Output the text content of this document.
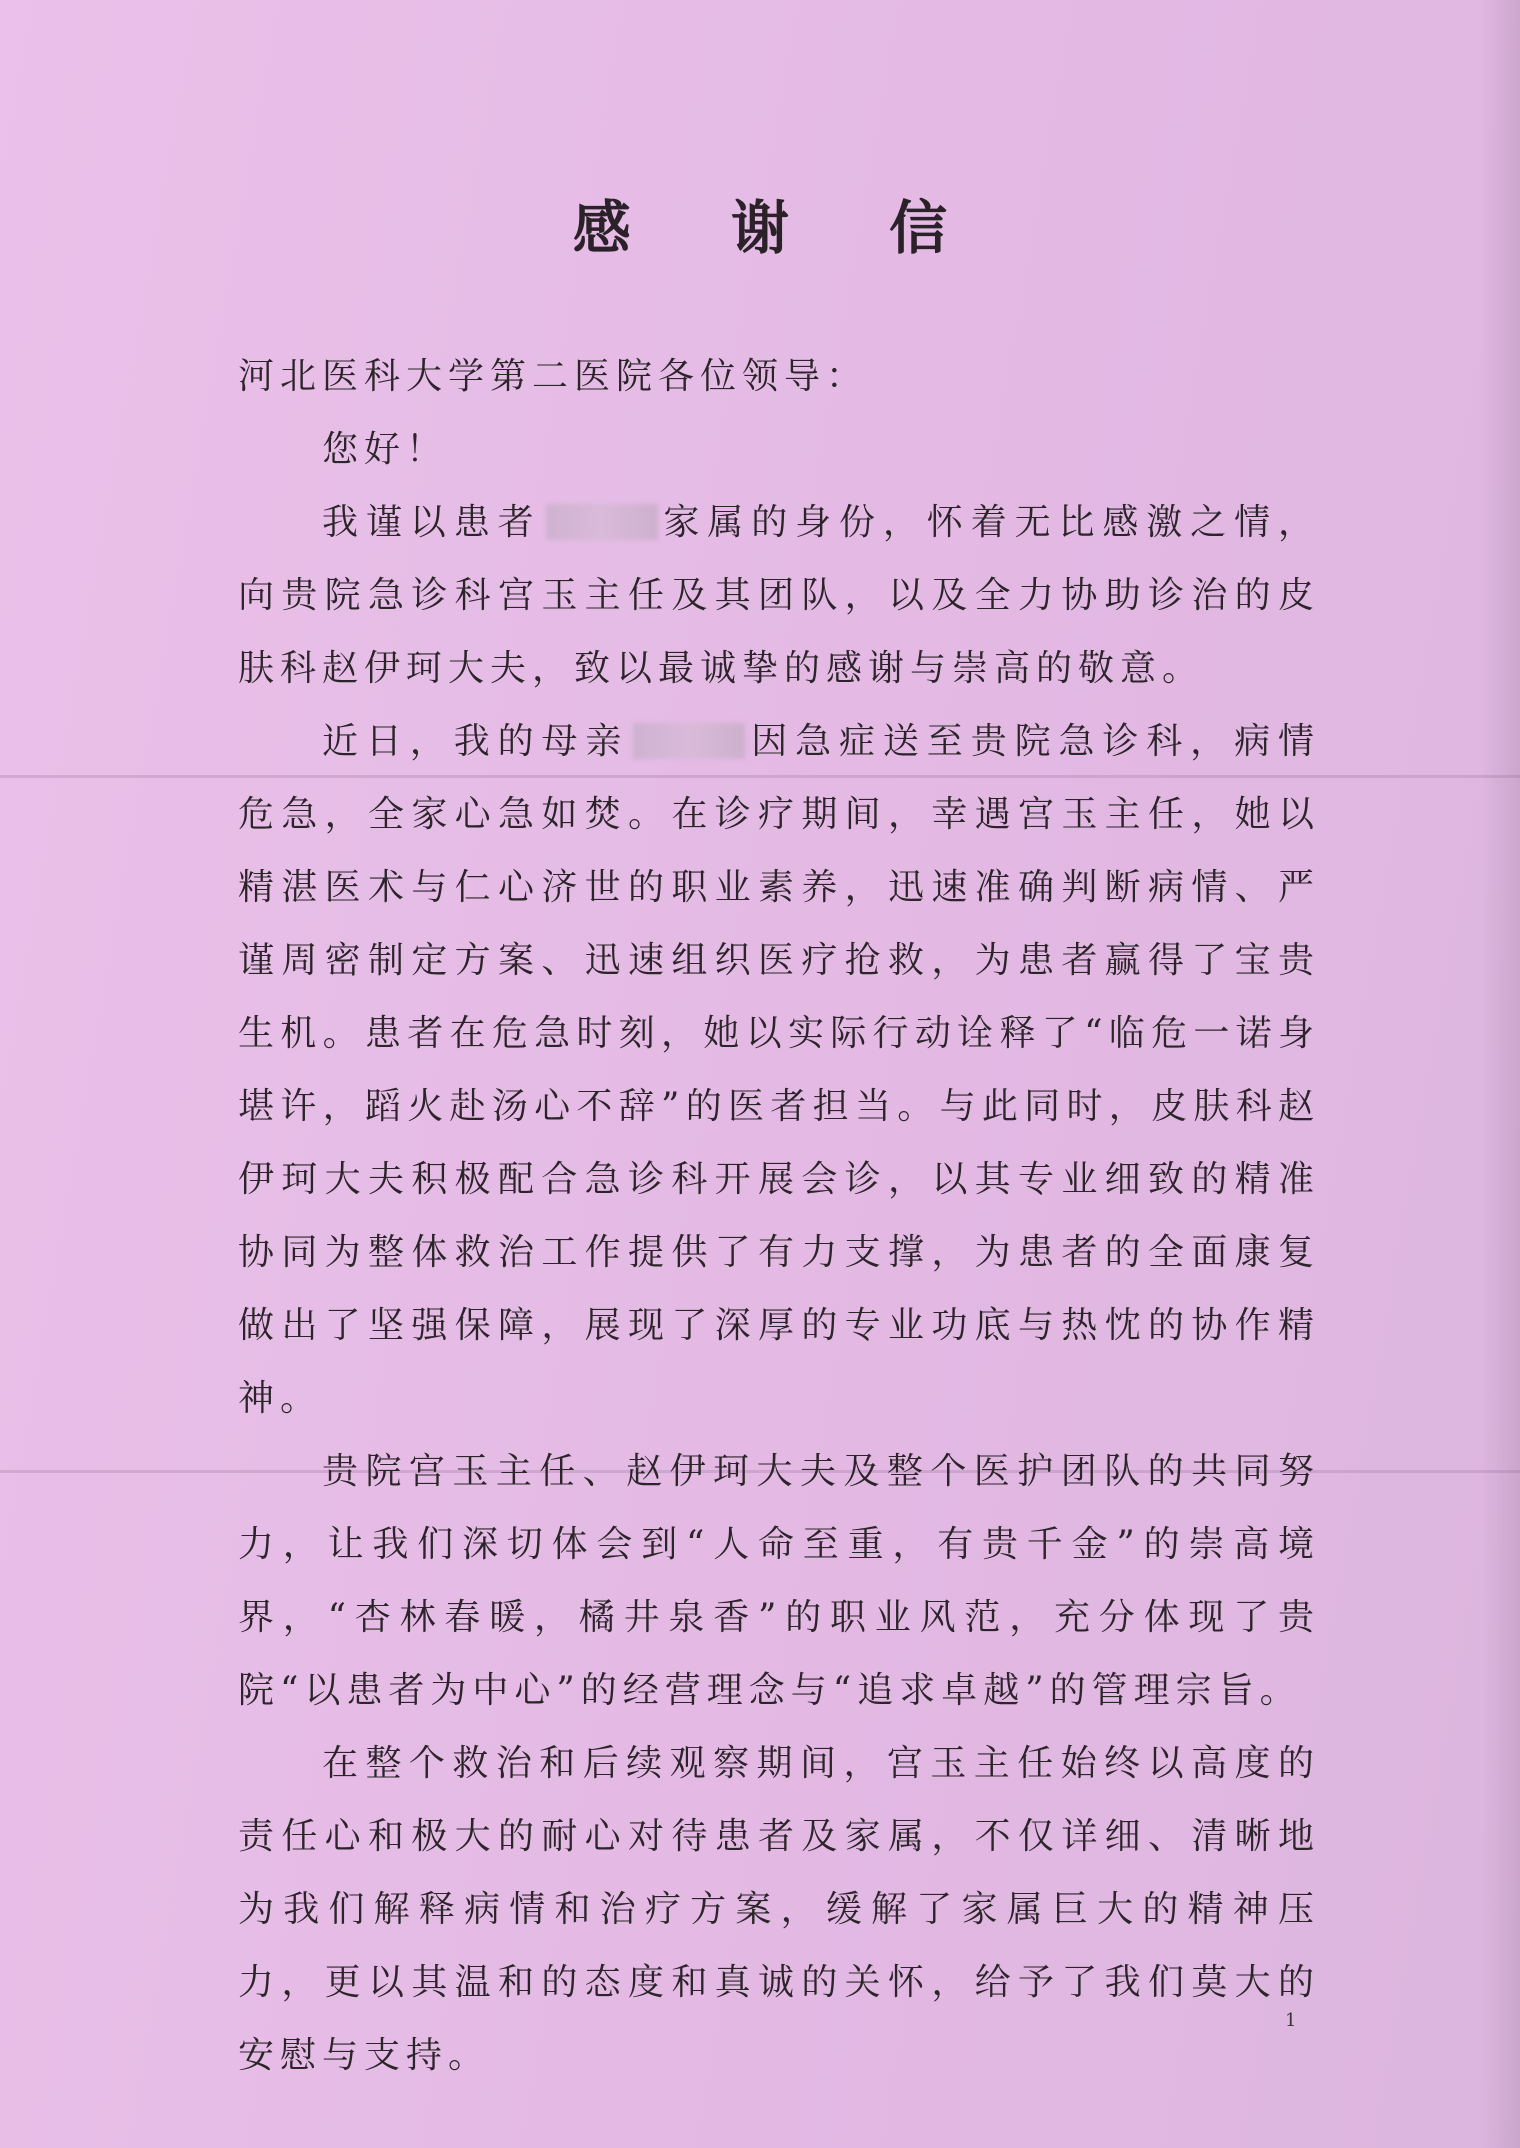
感 谢 信

河北医科大学第二医院各位领导：

您好！

我谨以患者	家属的身份，怀着无比感激之情，向贵院急诊科宫玉主任及其团队，以及全力协助诊治的皮肤科赵伊珂大夫，致以最诚挚的感谢与崇高的敬意。

近日，我的母亲	因急症送至贵院急诊科，病情危急，全家心急如焚。在诊疗期间，幸遇宫玉主任，她以精湛医术与仁心济世的职业素养，迅速准确判断病情、严谨周密制定方案、迅速组织医疗抢救，为患者赢得了宝贵生机。患者在危急时刻，她以实际行动诠释了“临危一诺身堪许，蹈火赴汤心不辞”的医者担当。与此同时，皮肤科赵伊珂大夫积极配合急诊科开展会诊，以其专业细致的精准协同为整体救治工作提供了有力支撑，为患者的全面康复做出了坚强保障，展现了深厚的专业功底与热忱的协作精神。

贵院宫玉主任、赵伊珂大夫及整个医护团队的共同努力，让我们深切体会到“人命至重，有贵千金”的崇高境界，“杏林春暖，橘井泉香”的职业风范，充分体现了贵院“以患者为中心”的经营理念与“追求卓越”的管理宗旨。

在整个救治和后续观察期间，宫玉主任始终以高度的责任心和极大的耐心对待患者及家属，不仅详细、清晰地为我们解释病情和治疗方案，缓解了家属巨大的精神压力，更以其温和的态度和真诚的关怀，给予了我们莫大的安慰与支持。

1
